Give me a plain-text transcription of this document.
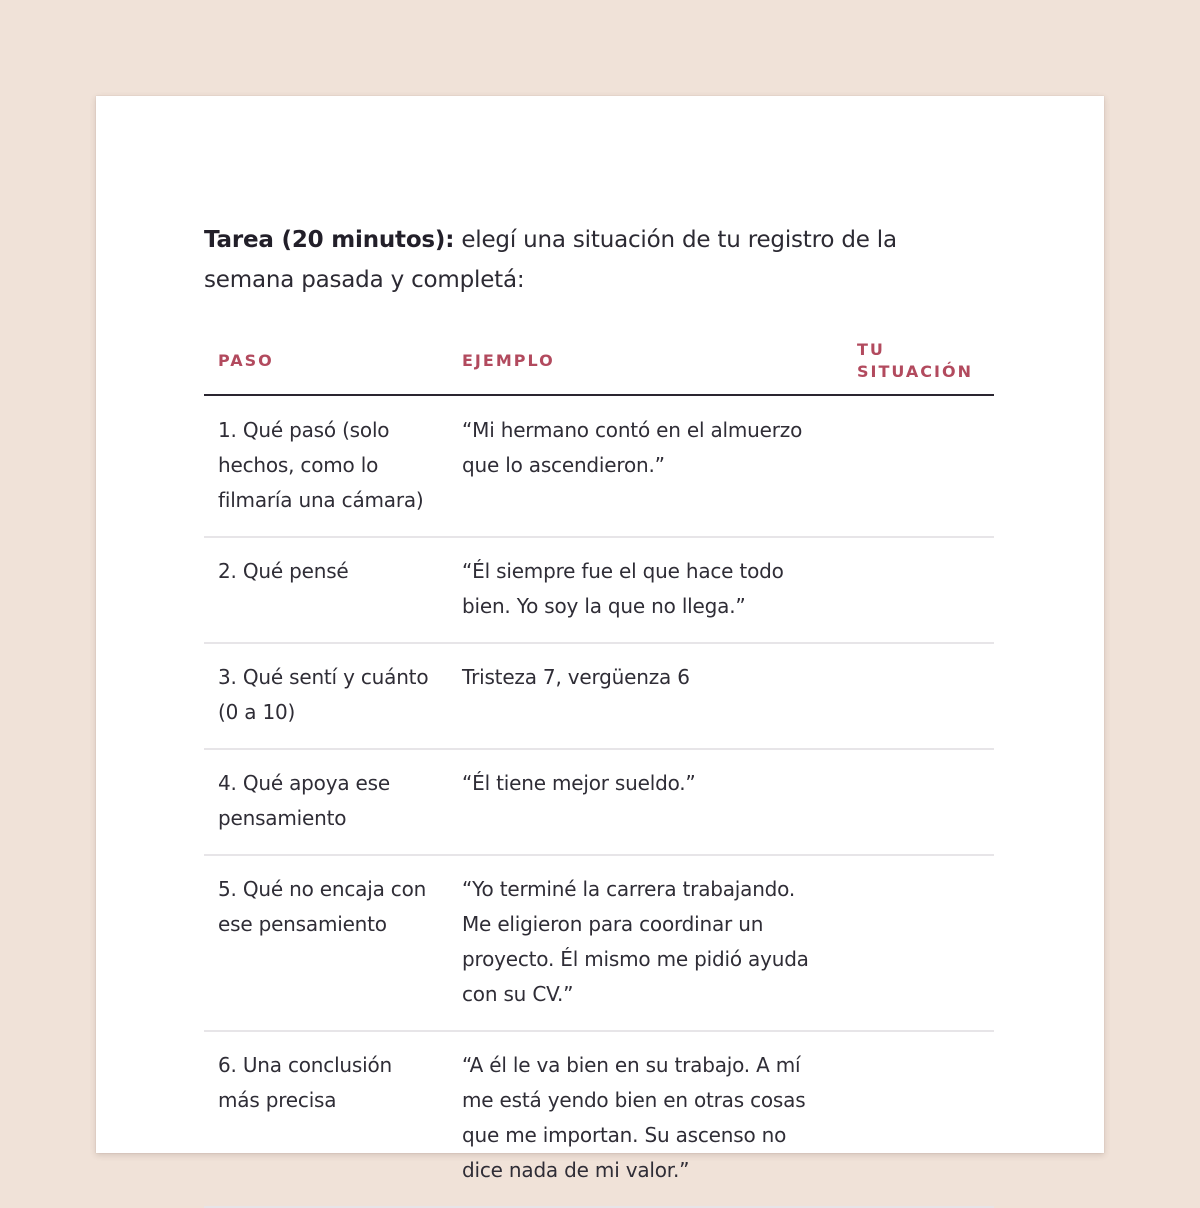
Tarea (20 minutos): elegí una situación de tu registro de la semana pasada y completá:

PASO	EJEMPLO	TU SITUACIÓN
1. Qué pasó (solo hechos, como lo filmaría una cámara)	“Mi hermano contó en el almuerzo que lo ascendieron.”	
2. Qué pensé	“Él siempre fue el que hace todo bien. Yo soy la que no llega.”	
3. Qué sentí y cuánto (0 a 10)	Tristeza 7, vergüenza 6	
4. Qué apoya ese pensamiento	“Él tiene mejor sueldo.”	
5. Qué no encaja con ese pensamiento	“Yo terminé la carrera trabajando. Me eligieron para coordinar un proyecto. Él mismo me pidió ayuda con su CV.”	
6. Una conclusión más precisa	“A él le va bien en su trabajo. A mí me está yendo bien en otras cosas que me importan. Su ascenso no dice nada de mi valor.”	
